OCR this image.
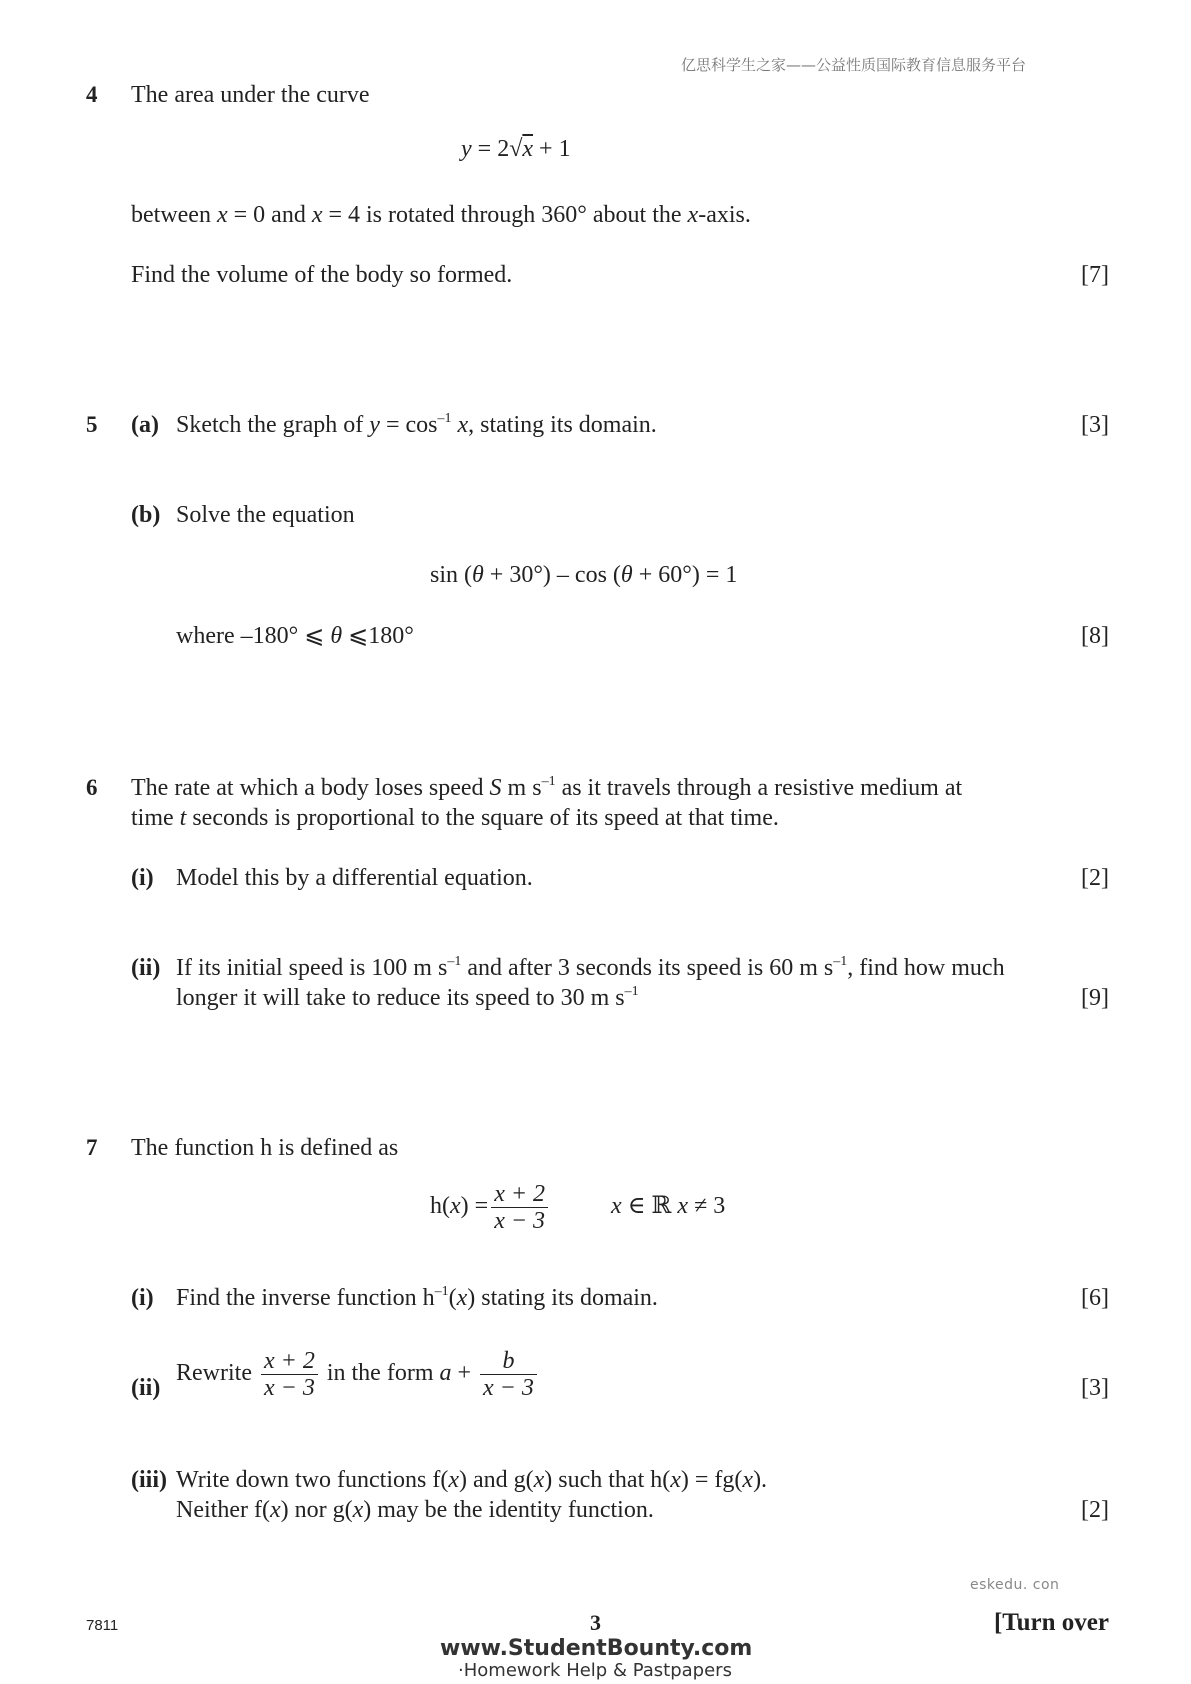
亿思科学生之家——公益性质国际教育信息服务平台
4 The area under the curve
y = 2√x + 1
between x = 0 and x = 4 is rotated through 360° about the x-axis.
Find the volume of the body so formed.	[7]
5 (a) Sketch the graph of $y = \cos^{-1} x$, stating its domain.	[3]
(b) Solve the equation
sin (θ + 30°) – cos (θ + 60°) = 1
where –180° ⩽ θ ⩽180°	[8]
6 The rate at which a body loses speed S m $s^{-1}$ as it travels through a resistive medium at
time t seconds is proportional to the square of its speed at that time.
(i) Model this by a differential equation.	[2]
(ii) If its initial speed is 100 m $s^{-1}$ and after 3 seconds its speed is 60 m $s^{-1}$, find how much
longer it will take to reduce its speed to 30 m $s^{-1}$	[9]
7 The function h is defined as
$h(x) = \frac{x + 2}{x - 3}$	x ∈ ℝ x ≠ 3
(i) Find the inverse function $h^{-1}(x)$ stating its domain.	[6]
(ii)
Rewrite $\frac{x + 2}{x - 3}$ in the form $a + \frac{b}{x - 3}$	[3]
(iii) Write down two functions f(x) and g(x) such that h(x) = fg(x).
Neither f(x) nor g(x) may be the identity function.	[2]
eskedu. con
7811	3	[Turn over
www.StudentBounty.com
·Homework Help & Pastpapers
